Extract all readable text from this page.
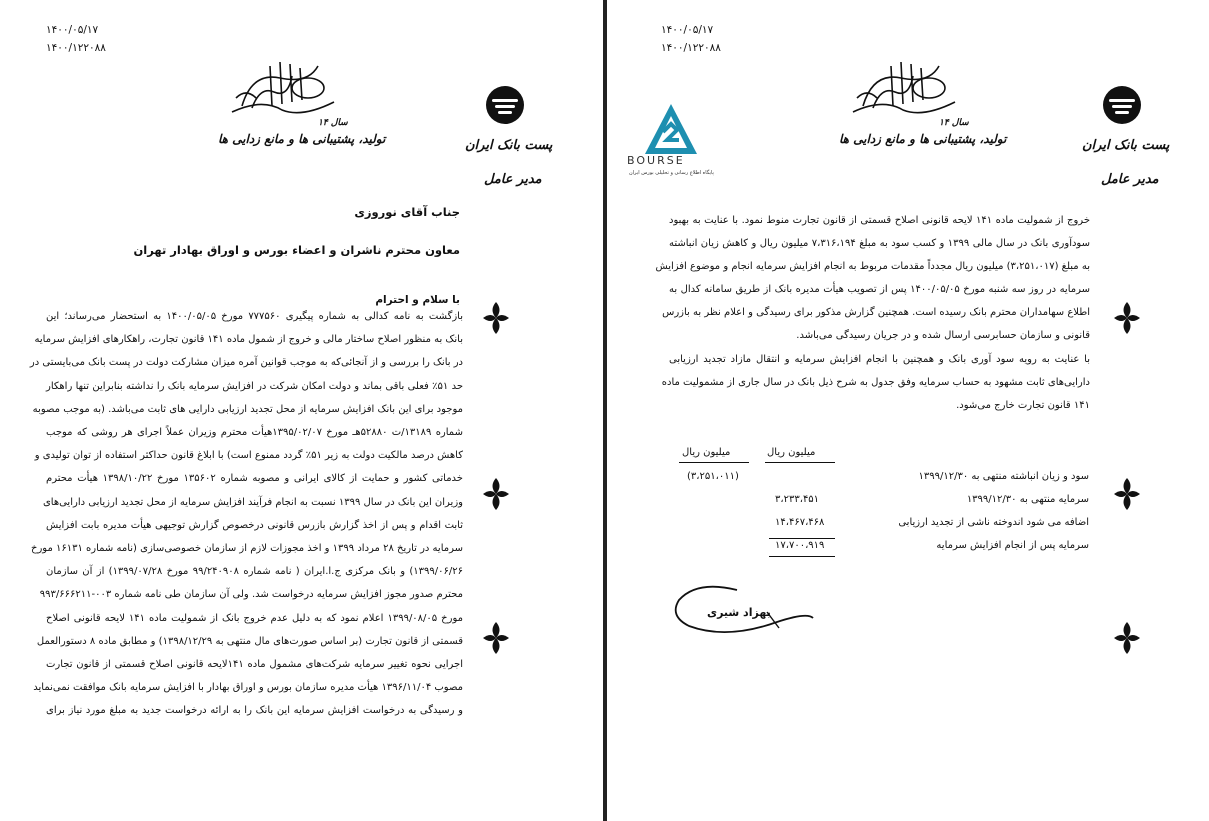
۱۴۰۰/۰۵/۱۷
۱۴۰۰/۱۲۲۰۸۸
تولید، پشتیبانی ها و مانع زدایی ها
سال ۱۴
پست بانک ایران
مدیر عامل
جناب آقای نوروزی
معاون محترم ناشران و اعضاء بورس و اوراق بهادار تهران
با سلام و احترام
بازگشت به نامه کدالی به شماره پیگیری ۷۷۷۵۶۰ مورخ ۱۴۰۰/۰۵/۰۵ به استحضار می‌رساند؛ این
بانک به منظور اصلاح ساختار مالی و خروج از شمول ماده ۱۴۱ قانون تجارت، راهکارهای افزایش سرمایه
در بانک را بررسی و از آنجائی‌که به موجب قوانین آمره میزان مشارکت دولت در پست بانک می‌بایستی در
حد ۵۱٪ فعلی باقی بماند و دولت امکان شرکت در افزایش سرمایه بانک را نداشته بنابراین تنها راهکار
موجود برای این بانک افزایش سرمایه از محل تجدید ارزیابی دارایی های ثابت می‌باشد. (به موجب مصوبه
شماره ۱۳۱۸۹/ت ۵۲۸۸۰هـ مورخ ۱۳۹۵/۰۲/۰۷هیأت محترم وزیران عملاً اجرای هر روشی که موجب
کاهش درصد مالکیت دولت به زیر ۵۱٪ گردد ممنوع است) با ابلاغ قانون حداکثر استفاده از توان تولیدی و
خدماتی کشور و حمایت از کالای ایرانی و مصوبه شماره ۱۳۵۶۰۲ مورخ ۱۳۹۸/۱۰/۲۲ هیأت محترم
وزیران این بانک در سال ۱۳۹۹ نسبت به انجام فرآیند افزایش سرمایه از محل تجدید ارزیابی دارایی‌های
ثابت اقدام و پس از اخذ گزارش بازرس قانونی درخصوص گزارش توجیهی هیأت مدیره بابت افزایش
سرمایه در تاریخ ۲۸ مرداد ۱۳۹۹ و اخذ مجوزات لازم از سازمان خصوصی‌سازی (نامه شماره ۱۶۱۳۱ مورخ
۱۳۹۹/۰۶/۲۶) و بانک مرکزی ج.ا.ایران ( نامه شماره ۹۹/۲۴۰۹۰۸ مورخ ۱۳۹۹/۰۷/۲۸) از آن سازمان
محترم صدور مجوز افزایش سرمایه درخواست شد. ولی آن سازمان طی نامه شماره ۰۰۳-۹۹۳/۶۶۶۲۱۱
مورخ ۱۳۹۹/۰۸/۰۵ اعلام نمود که به دلیل عدم خروج بانک از شمولیت ماده ۱۴۱ لایحه قانونی اصلاح
قسمتی از قانون تجارت (بر اساس صورت‌های مال منتهی به ۱۳۹۸/۱۲/۲۹) و مطابق ماده ۸ دستورالعمل
اجرایی نحوه تغییر سرمایه شرکت‌های مشمول ماده ۱۴۱لایحه قانونی اصلاح قسمتی از قانون تجارت
مصوب ۱۳۹۶/۱۱/۰۴ هیأت مدیره سازمان بورس و اوراق بهادار با افزایش سرمایه بانک موافقت نمی‌نماید
و رسیدگی به درخواست افزایش سرمایه این بانک را به ارائه درخواست جدید به مبلغ مورد نیاز برای
۱۴۰۰/۰۵/۱۷
۱۴۰۰/۱۲۲۰۸۸
تولید، پشتیبانی ها و مانع زدایی ها
سال ۱۴
BOURSE
پایگاه اطلاع رسانی و تحلیلی بورس ایران
پست بانک ایران
مدیر عامل
خروج از شمولیت ماده ۱۴۱ لایحه قانونی اصلاح قسمتی از قانون تجارت منوط نمود. با عنایت به بهبود
سودآوری بانک در سال مالی ۱۳۹۹ و کسب سود به مبلغ ۷،۳۱۶،۱۹۴ میلیون ریال و کاهش زیان انباشته
به مبلغ (۳،۲۵۱،۰۱۷) میلیون ریال مجدداً مقدمات مربوط به انجام افزایش سرمایه انجام و موضوع افزایش
سرمایه در روز سه شنبه مورخ ۱۴۰۰/۰۵/۰۵ پس از تصویب هیأت مدیره بانک از طریق سامانه کدال به
اطلاع سهامداران محترم بانک رسیده است. همچنین گزارش مذکور برای رسیدگی و اعلام نظر به بازرس
قانونی و سازمان حسابرسی ارسال شده و در جریان رسیدگی می‌باشد.
با عنایت به رویه سود آوری بانک و همچنین با انجام افزایش سرمایه و انتقال مازاد تجدید ارزیابی
دارایی‌های ثابت مشهود به حساب سرمایه وفق جدول به شرح ذیل بانک در سال جاری از مشمولیت ماده
۱۴۱ قانون تجارت خارج می‌شود.
میلیون ریال
میلیون ریال
سود و زیان انباشته منتهی به ۱۳۹۹/۱۲/۳۰
(۳،۲۵۱،۰۱۱)
سرمایه منتهی به ۱۳۹۹/۱۲/۳۰
۳،۲۳۳،۴۵۱
اضافه می شود اندوخته ناشی از تجدید ارزیابی
۱۴،۴۶۷،۴۶۸
سرمایه پس از انجام افزایش سرمایه
۱۷،۷۰۰،۹۱۹
بهزاد شیری
